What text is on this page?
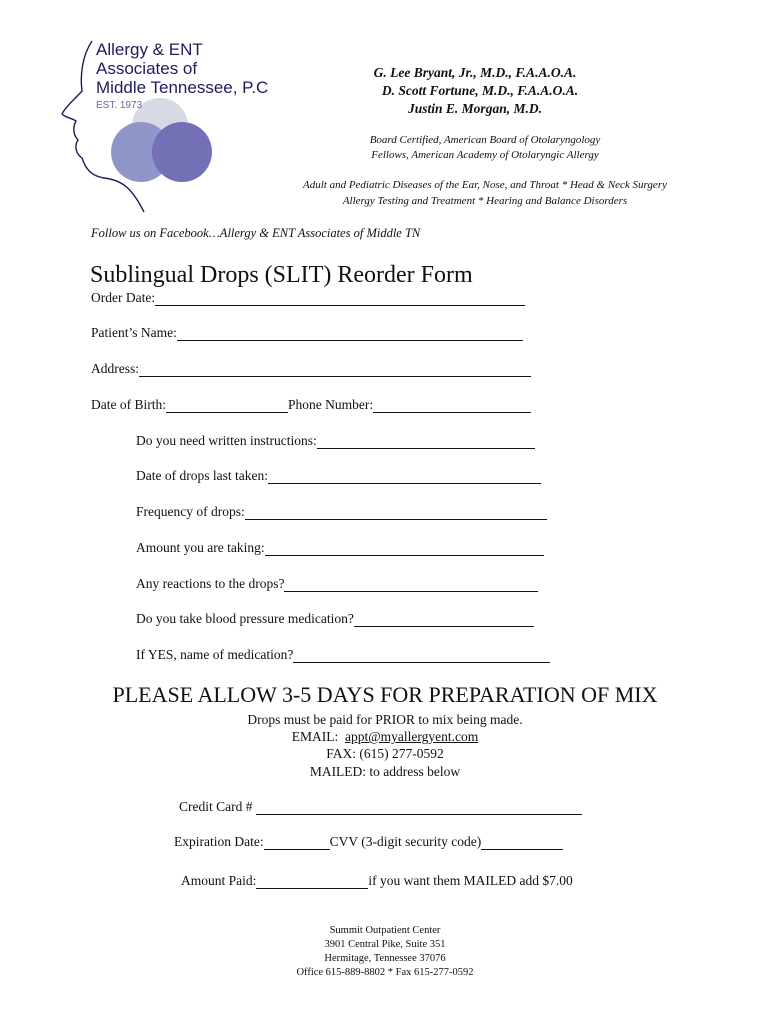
Allergy & ENT
Associates of
Middle Tennessee, P.C
EST. 1973
G. Lee Bryant, Jr., M.D., F.A.A.O.A.
D. Scott Fortune, M.D., F.A.A.O.A.
Justin E. Morgan, M.D.
Board Certified, American Board of Otolaryngology
Fellows, American Academy of Otolaryngic Allergy
Adult and Pediatric Diseases of the Ear, Nose, and Throat * Head & Neck Surgery
Allergy Testing and Treatment * Hearing and Balance Disorders
Follow us on Facebook…Allergy & ENT Associates of Middle TN
Sublingual Drops (SLIT) Reorder Form
Order Date:
Patient’s Name:
Address:
Date of Birth:	Phone Number:
Do you need written instructions:
Date of drops last taken:
Frequency of drops:
Amount you are taking:
Any reactions to the drops?
Do you take blood pressure medication?
If YES, name of medication?
PLEASE ALLOW 3-5 DAYS FOR PREPARATION OF MIX
Drops must be paid for PRIOR to mix being made.
EMAIL: appt@myallergyent.com
FAX: (615) 277-0592
MAILED: to address below
Credit Card #

Expiration Date:	CVV (3-digit security code)
Amount Paid:	if you want them MAILED add $7.00
Summit Outpatient Center
3901 Central Pike, Suite 351
Hermitage, Tennessee 37076
Office 615-889-8802 * Fax 615-277-0592
